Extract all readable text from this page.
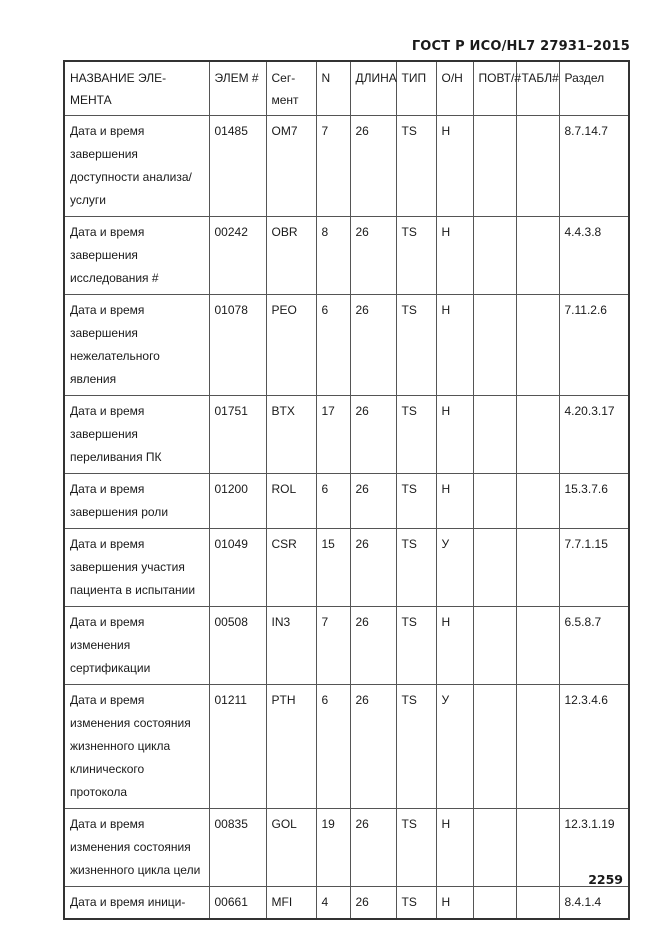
ГОСТ Р ИСО/HL7 27931–2015
НАЗВАНИЕ ЭЛЕ-МЕНТА	ЭЛЕМ #	Сег-мент	N	ДЛИНА	ТИП	О/Н	ПОВТ/#	ТАБЛ#	Раздел
Дата и время завершения доступности анализа/услуги	01485	OM7	7	26	TS	Н			8.7.14.7
Дата и время завершения исследования #	00242	OBR	8	26	TS	Н			4.4.3.8
Дата и время завершения нежелательного явления	01078	PEO	6	26	TS	Н			7.11.2.6
Дата и время завершения переливания ПК	01751	BTX	17	26	TS	Н			4.20.3.17
Дата и время завершения роли	01200	ROL	6	26	TS	Н			15.3.7.6
Дата и время завершения участия пациента в испытании	01049	CSR	15	26	TS	У			7.7.1.15
Дата и время изменения сертификации	00508	IN3	7	26	TS	Н			6.5.8.7
Дата и время изменения состояния жизненного цикла клинического протокола	01211	PTH	6	26	TS	У			12.3.4.6
Дата и время изменения состояния жизненного цикла цели	00835	GOL	19	26	TS	Н			12.3.1.19
Дата и время иници-	00661	MFI	4	26	TS	Н			8.4.1.4
2259
